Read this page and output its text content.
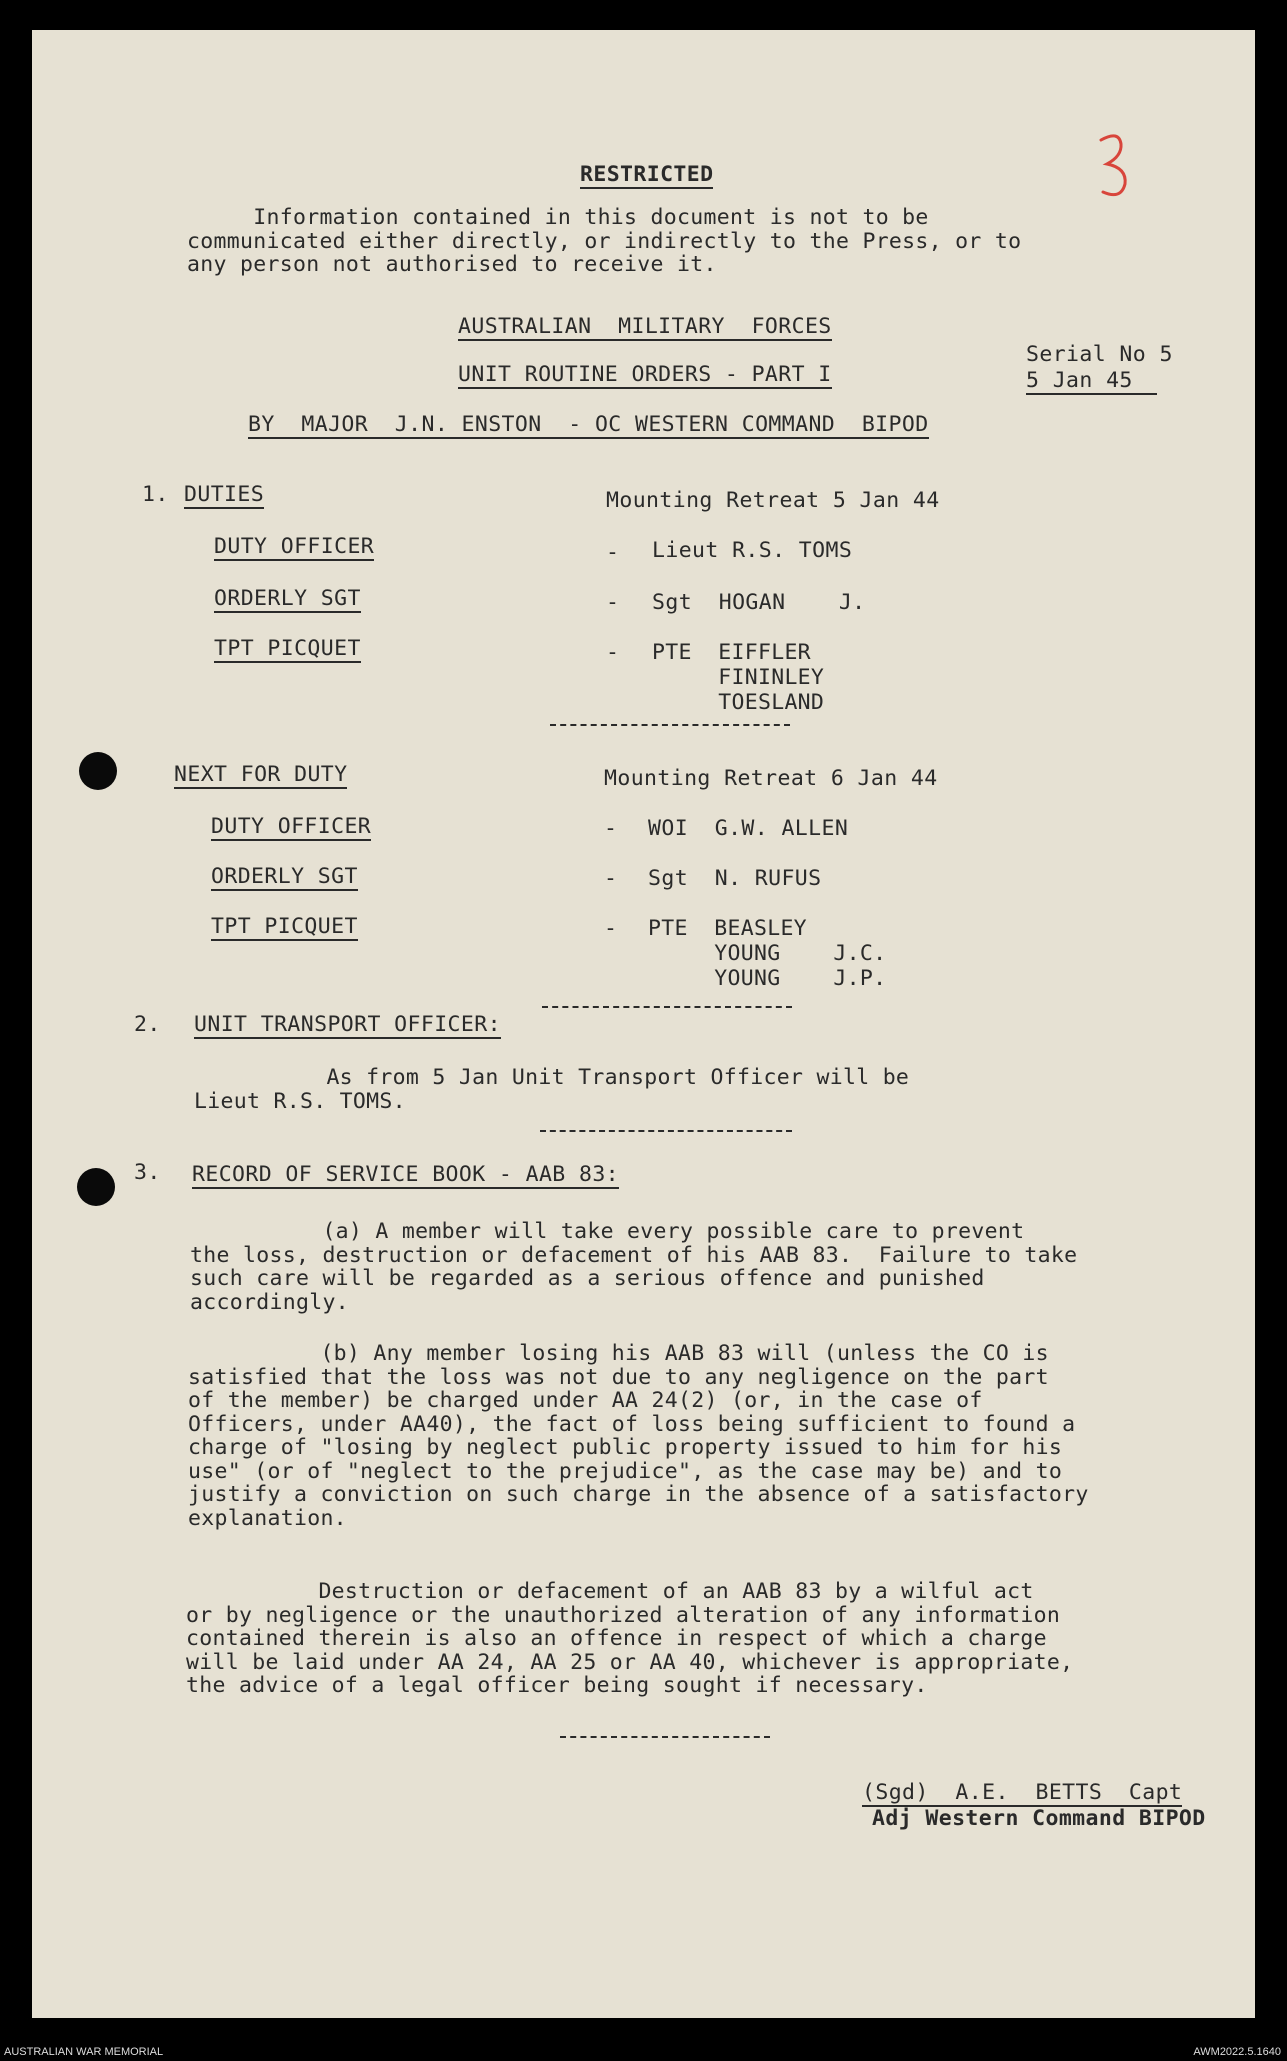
RESTRICTED
Information contained in this document is not to be
communicated either directly, or indirectly to the Press, or to
any person not authorised to receive it.
AUSTRALIAN  MILITARY  FORCES
UNIT ROUTINE ORDERS - PART I
Serial No 5
5 Jan 45
BY  MAJOR  J.N. ENSTON  - OC WESTERN COMMAND  BIPOD
1. DUTIES	Mounting Retreat 5 Jan 44
DUTY OFFICER	- Lieut R.S. TOMS
ORDERLY SGT	- Sgt  HOGAN    J.
TPT PICQUET	- PTE  EIFFLER
FININLEY
TOESLAND
NEXT FOR DUTY	Mounting Retreat 6 Jan 44
DUTY OFFICER	- WOI  G.W. ALLEN
ORDERLY SGT	- Sgt  N. RUFUS
TPT PICQUET	- PTE  BEASLEY
YOUNG    J.C.
YOUNG    J.P.
2. UNIT TRANSPORT OFFICER:
As from 5 Jan Unit Transport Officer will be
Lieut R.S. TOMS.
3. RECORD OF SERVICE BOOK - AAB 83:
(a) A member will take every possible care to prevent
the loss, destruction or defacement of his AAB 83.  Failure to take
such care will be regarded as a serious offence and punished
accordingly.
(b) Any member losing his AAB 83 will (unless the CO is
satisfied that the loss was not due to any negligence on the part
of the member) be charged under AA 24(2) (or, in the case of
Officers, under AA40), the fact of loss being sufficient to found a
charge of "losing by neglect public property issued to him for his
use" (or of "neglect to the prejudice", as the case may be) and to
justify a conviction on such charge in the absence of a satisfactory
explanation.
Destruction or defacement of an AAB 83 by a wilful act
or by negligence or the unauthorized alteration of any information
contained therein is also an offence in respect of which a charge
will be laid under AA 24, AA 25 or AA 40, whichever is appropriate,
the advice of a legal officer being sought if necessary.
(Sgd)  A.E.  BETTS  Capt
Adj Western Command BIPOD
AUSTRALIAN WAR MEMORIAL	AWM2022.5.1640
